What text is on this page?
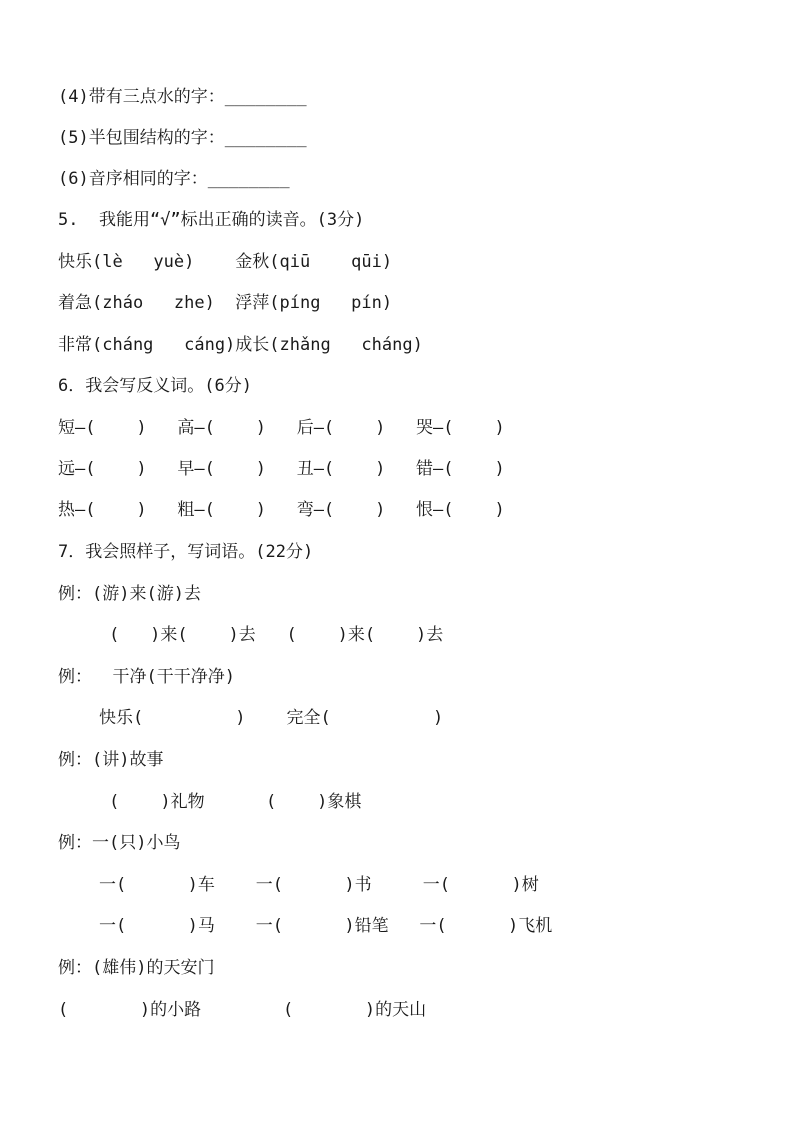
(4)带有三点水的字：________
(5)半包围结构的字：________
(6)音序相同的字：________
5.  我能用“√”标出正确的读音。(3分)
快乐(lè   yuè)    金秋(qiū    qūi)
着急(zháo   zhe)  浮萍(píng   pín)
非常(cháng   cáng)成长(zhǎng   cháng)
6．我会写反义词。(6分)
短—(    )   高—(    )   后—(    )   哭—(    )
远—(    )   早—(    )   丑—(    )   错—(    )
热—(    )   粗—(    )   弯—(    )   恨—(    )
7．我会照样子，写词语。(22分)
例：(游)来(游)去
(   )来(    )去   (    )来(    )去
例：  干净(干干净净)
快乐(         )    完全(          )
例：(讲)故事
(    )礼物      (    )象棋
例：一(只)小鸟
一(      )车    一(      )书     一(      )树
一(      )马    一(      )铅笔   一(      )飞机
例：(雄伟)的天安门
(       )的小路        (       )的天山
